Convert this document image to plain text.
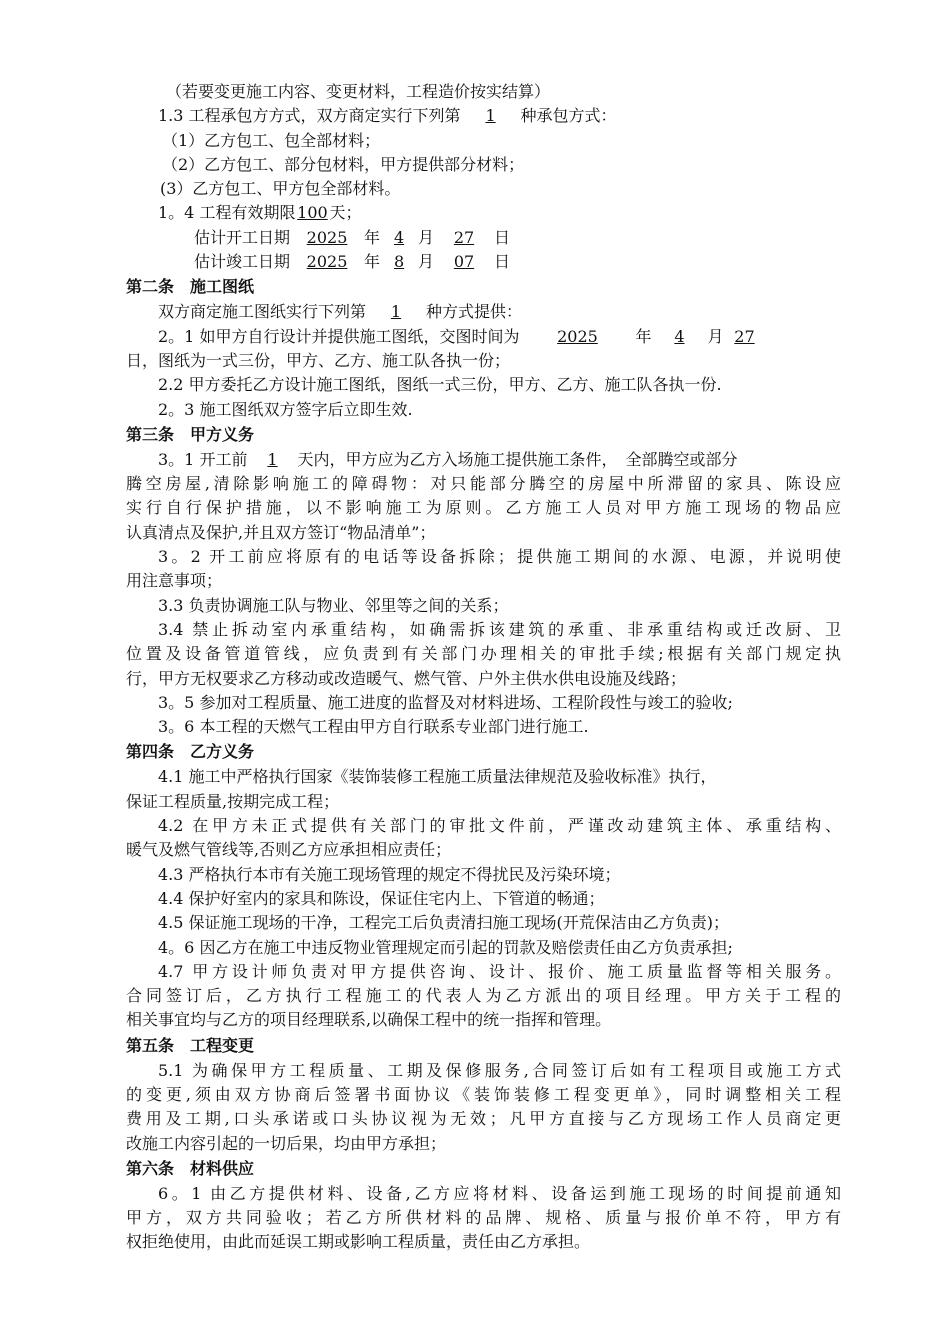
（若要变更施工内容、变更材料，工程造价按实结算）
1.3 工程承包方方式，双方商定实行下列第 1 种承包方式：
（1）乙方包工、包全部材料；
（2）乙方包工、部分包材料，甲方提供部分材料；
(3）乙方包工、甲方包全部材料。
1。4 工程有效期限 100 天；
估计开工日期 2025 年 4 月 27 日
估计竣工日期 2025 年 8 月 07 日
第二条　施工图纸
双方商定施工图纸实行下列第 1 种方式提供：
2。1 如甲方自行设计并提供施工图纸，交图时间为 2025 年 4 月 27
日，图纸为一式三份，甲方、乙方、施工队各执一份；
2.2 甲方委托乙方设计施工图纸，图纸一式三份，甲方、乙方、施工队各执一份.
2。3 施工图纸双方签字后立即生效.
第三条　甲方义务
3。1 开工前 1 天内，甲方应为乙方入场施工提供施工条件，　全部腾空或部分
腾空房屋,清除影响施工的障碍物：对只能部分腾空的房屋中所滞留的家具、陈设应
实行自行保护措施，以不影响施工为原则。乙方施工人员对甲方施工现场的物品应
认真清点及保护,并且双方签订“物品清单”；
3。2 开工前应将原有的电话等设备拆除；提供施工期间的水源、电源，并说明使
用注意事项；
3.3 负责协调施工队与物业、邻里等之间的关系；
3.4 禁止拆动室内承重结构，如确需拆该建筑的承重、非承重结构或迁改厨、卫
位置及设备管道管线，应负责到有关部门办理相关的审批手续;根据有关部门规定执
行，甲方无权要求乙方移动或改造暖气、燃气管、户外主供水供电设施及线路；
3。5 参加对工程质量、施工进度的监督及对材料进场、工程阶段性与竣工的验收;
3。6 本工程的天燃气工程由甲方自行联系专业部门进行施工.
第四条　乙方义务
4.1 施工中严格执行国家《装饰装修工程施工质量法律规范及验收标准》执行，
保证工程质量,按期完成工程；
4.2 在甲方未正式提供有关部门的审批文件前，严谨改动建筑主体、承重结构、
暖气及燃气管线等,否则乙方应承担相应责任；
4.3 严格执行本市有关施工现场管理的规定不得扰民及污染环境；
4.4 保护好室内的家具和陈设，保证住宅内上、下管道的畅通；
4.5 保证施工现场的干净，工程完工后负责清扫施工现场(开荒保洁由乙方负责)；
4。6 因乙方在施工中违反物业管理规定而引起的罚款及赔偿责任由乙方负责承担;
4.7 甲方设计师负责对甲方提供咨询、设计、报价、施工质量监督等相关服务。
合同签订后，乙方执行工程施工的代表人为乙方派出的项目经理。甲方关于工程的
相关事宜均与乙方的项目经理联系,以确保工程中的统一指挥和管理。
第五条　工程变更
5.1 为确保甲方工程质量、工期及保修服务,合同签订后如有工程项目或施工方式
的变更,须由双方协商后签署书面协议《装饰装修工程变更单》，同时调整相关工程
费用及工期,口头承诺或口头协议视为无效；凡甲方直接与乙方现场工作人员商定更
改施工内容引起的一切后果，均由甲方承担；
第六条　材料供应
6。1 由乙方提供材料、设备,乙方应将材料、设备运到施工现场的时间提前通知
甲方，双方共同验收；若乙方所供材料的品牌、规格、质量与报价单不符，甲方有
权拒绝使用，由此而延误工期或影响工程质量，责任由乙方承担。
